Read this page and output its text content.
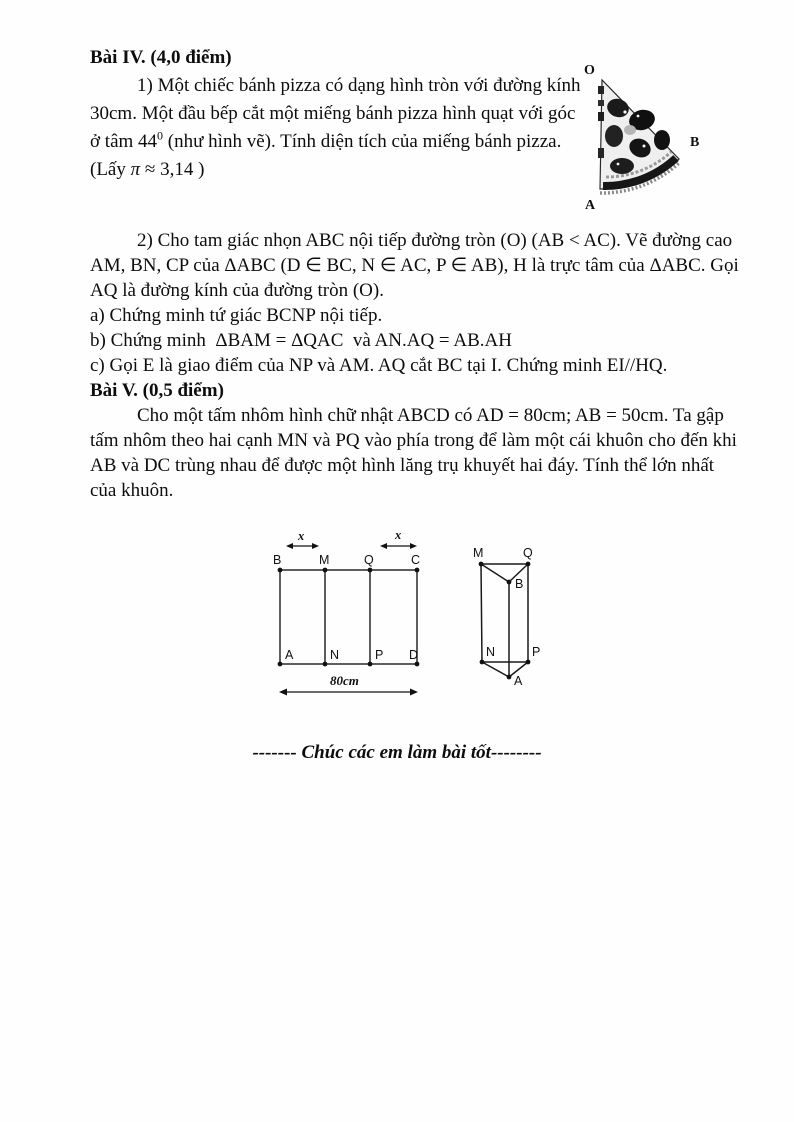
Bài IV. (4,0 điểm)
1) Một chiếc bánh pizza có dạng hình tròn với đường kính
30cm. Một đầu bếp cắt một miếng bánh pizza hình quạt với góc
ở tâm $44^0$ (như hình vẽ). Tính diện tích của miếng bánh pizza.
(Lấy π ≈ 3,14 )
O
B
A
2) Cho tam giác nhọn ABC nội tiếp đường tròn (O) (AB < AC). Vẽ đường cao
AM, BN, CP của ΔABC (D ∈ BC, N ∈ AC, P ∈ AB), H là trực tâm của ΔABC. Gọi
AQ là đường kính của đường tròn (O).
a) Chứng minh tứ giác BCNP nội tiếp.
b) Chứng minh  ΔBAM = ΔQAC  và AN.AQ = AB.AH
c) Gọi E là giao điểm của NP và AM. AQ cắt BC tại I. Chứng minh EI//HQ.
Bài V. (0,5 điểm)
Cho một tấm nhôm hình chữ nhật ABCD có AD = 80cm; AB = 50cm. Ta gập
tấm nhôm theo hai cạnh MN và PQ vào phía trong để làm một cái khuôn cho đến khi
AB và DC trùng nhau để được một hình lăng trụ khuyết hai đáy. Tính thể lớn nhất
của khuôn.
x	x
B	M	Q	C
A	N	P D
80cm
M	Q
B
N	P
A
------- Chúc các em làm bài tốt--------
